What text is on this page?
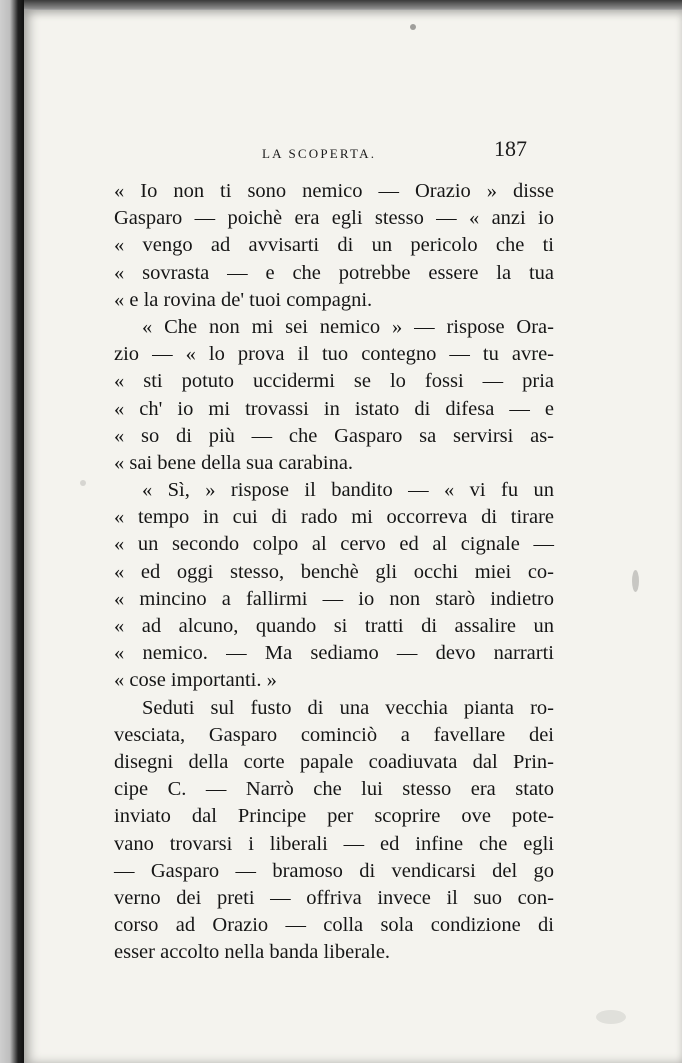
LA SCOPERTA.	187
« Io non ti sono nemico — Orazio » disse
Gasparo — poichè era egli stesso — « anzi io
« vengo ad avvisarti di un pericolo che ti
« sovrasta — e che potrebbe essere la tua
« e la rovina de' tuoi compagni.
« Che non mi sei nemico » — rispose Ora-
zio — « lo prova il tuo contegno — tu avre-
« sti potuto uccidermi se lo fossi — pria
« ch' io mi trovassi in istato di difesa — e
« so di più — che Gasparo sa servirsi as-
« sai bene della sua carabina.
« Sì, » rispose il bandito — « vi fu un
« tempo in cui di rado mi occorreva di tirare
« un secondo colpo al cervo ed al cignale —
« ed oggi stesso, benchè gli occhi miei co-
« mincino a fallirmi — io non starò indietro
« ad alcuno, quando si tratti di assalire un
« nemico. — Ma sediamo — devo narrarti
« cose importanti. »
Seduti sul fusto di una vecchia pianta ro-
vesciata, Gasparo cominciò a favellare dei
disegni della corte papale coadiuvata dal Prin-
cipe C. — Narrò che lui stesso era stato
inviato dal Principe per scoprire ove pote-
vano trovarsi i liberali — ed infine che egli
— Gasparo — bramoso di vendicarsi del go
verno dei preti — offriva invece il suo con-
corso ad Orazio — colla sola condizione di
esser accolto nella banda liberale.
